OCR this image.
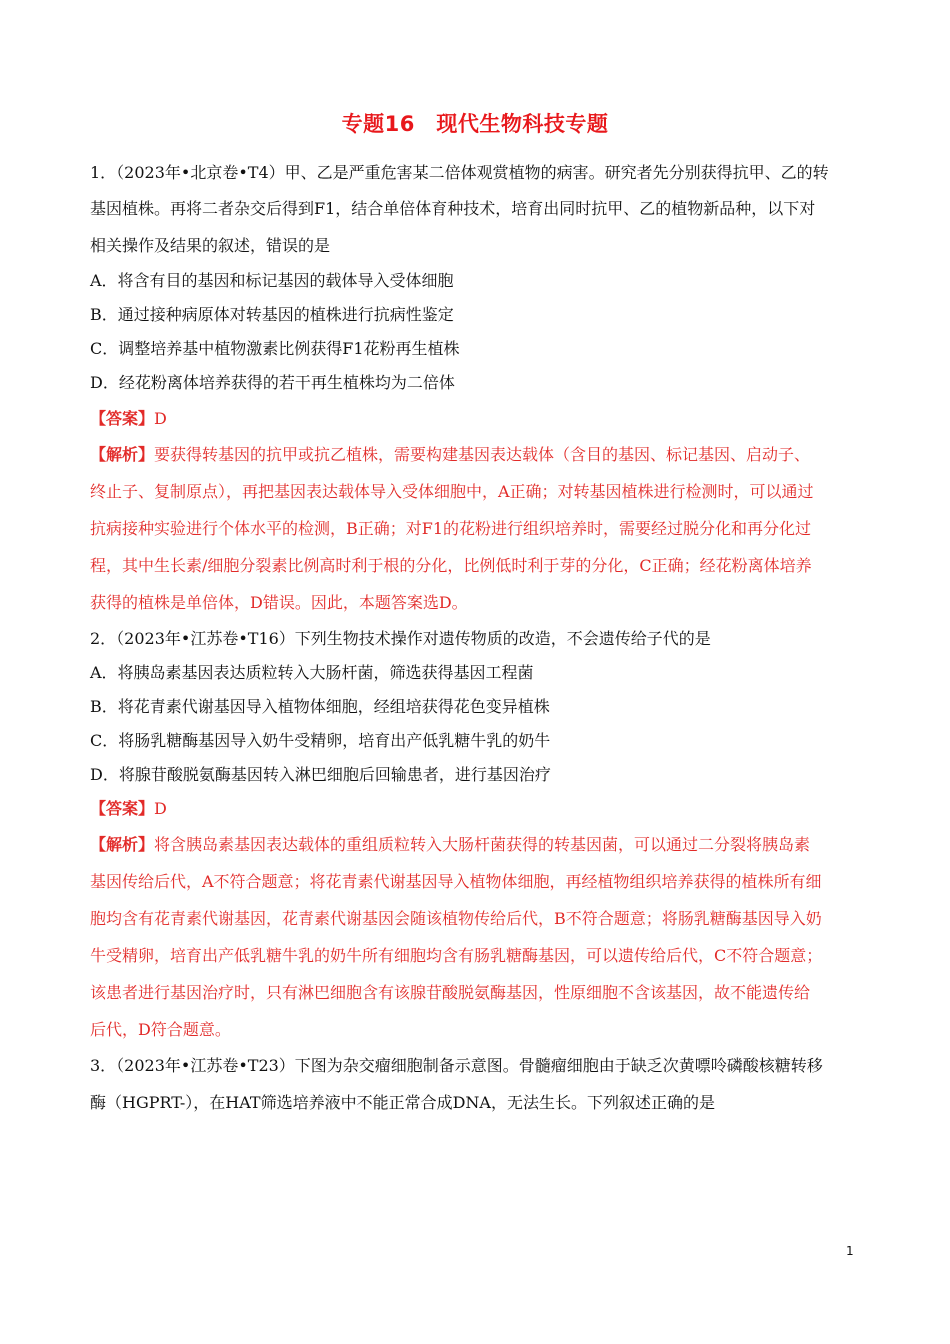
专题16　现代生物科技专题
1．（2023年•北京卷•T4）甲、乙是严重危害某二倍体观赏植物的病害。研究者先分别获得抗甲、乙的转
基因植株。再将二者杂交后得到F1，结合单倍体育种技术，培育出同时抗甲、乙的植物新品种，以下对
相关操作及结果的叙述，错误的是
A．将含有目的基因和标记基因的载体导入受体细胞
B．通过接种病原体对转基因的植株进行抗病性鉴定
C．调整培养基中植物激素比例获得F1花粉再生植株
D．经花粉离体培养获得的若干再生植株均为二倍体
【答案】D
【解析】要获得转基因的抗甲或抗乙植株，需要构建基因表达载体（含目的基因、标记基因、启动子、
终止子、复制原点），再把基因表达载体导入受体细胞中，A正确；对转基因植株进行检测时，可以通过
抗病接种实验进行个体水平的检测，B正确；对F1的花粉进行组织培养时，需要经过脱分化和再分化过
程，其中生长素/细胞分裂素比例高时利于根的分化，比例低时利于芽的分化，C正确；经花粉离体培养
获得的植株是单倍体，D错误。因此，本题答案选D。
2．（2023年•江苏卷•T16）下列生物技术操作对遗传物质的改造，不会遗传给子代的是
A．将胰岛素基因表达质粒转入大肠杆菌，筛选获得基因工程菌
B．将花青素代谢基因导入植物体细胞，经组培获得花色变异植株
C．将肠乳糖酶基因导入奶牛受精卵，培育出产低乳糖牛乳的奶牛
D．将腺苷酸脱氨酶基因转入淋巴细胞后回输患者，进行基因治疗
【答案】D
【解析】将含胰岛素基因表达载体的重组质粒转入大肠杆菌获得的转基因菌，可以通过二分裂将胰岛素
基因传给后代，A不符合题意；将花青素代谢基因导入植物体细胞，再经植物组织培养获得的植株所有细
胞均含有花青素代谢基因，花青素代谢基因会随该植物传给后代，B不符合题意；将肠乳糖酶基因导入奶
牛受精卵，培育出产低乳糖牛乳的奶牛所有细胞均含有肠乳糖酶基因，可以遗传给后代，C不符合题意；
该患者进行基因治疗时，只有淋巴细胞含有该腺苷酸脱氨酶基因，性原细胞不含该基因，故不能遗传给
后代，D符合题意。
3．（2023年•江苏卷•T23）下图为杂交瘤细胞制备示意图。骨髓瘤细胞由于缺乏次黄嘌呤磷酸核糖转移
酶（HGPRT-），在HAT筛选培养液中不能正常合成DNA，无法生长。下列叙述正确的是
1
